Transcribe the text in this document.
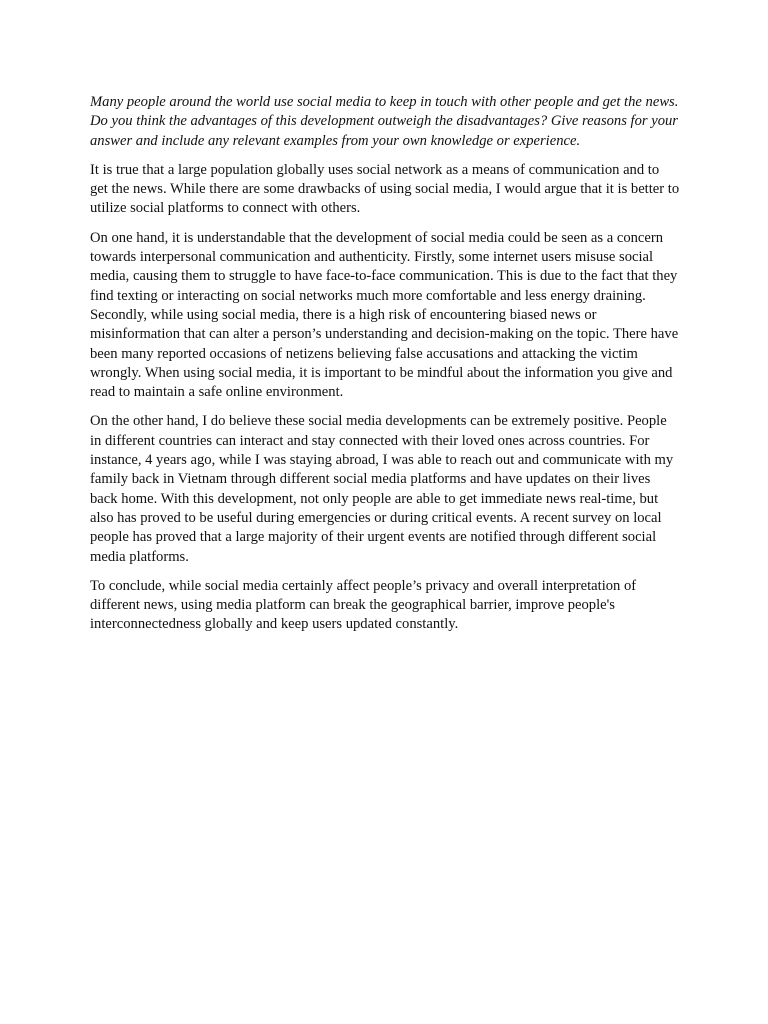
Many people around the world use social media to keep in touch with other people and get the news. Do you think the advantages of this development outweigh the disadvantages? Give reasons for your answer and include any relevant examples from your own knowledge or experience.

It is true that a large population globally uses social network as a means of communication and to get the news. While there are some drawbacks of using social media, I would argue that it is better to utilize social platforms to connect with others.

On one hand, it is understandable that the development of social media could be seen as a concern towards interpersonal communication and authenticity. Firstly, some internet users misuse social media, causing them to struggle to have face-to-face communication. This is due to the fact that they find texting or interacting on social networks much more comfortable and less energy draining. Secondly, while using social media, there is a high risk of encountering biased news or misinformation that can alter a person’s understanding and decision-making on the topic. There have been many reported occasions of netizens believing false accusations and attacking the victim wrongly. When using social media, it is important to be mindful about the information you give and read to maintain a safe online environment.

On the other hand, I do believe these social media developments can be extremely positive. People in different countries can interact and stay connected with their loved ones across countries. For instance, 4 years ago, while I was staying abroad, I was able to reach out and communicate with my family back in Vietnam through different social media platforms and have updates on their lives back home. With this development, not only people are able to get immediate news real-time, but also has proved to be useful during emergencies or during critical events. A recent survey on local people has proved that a large majority of their urgent events are notified through different social media platforms.

To conclude, while social media certainly affect people’s privacy and overall interpretation of different news, using media platform can break the geographical barrier, improve people's interconnectedness globally and keep users updated constantly.
